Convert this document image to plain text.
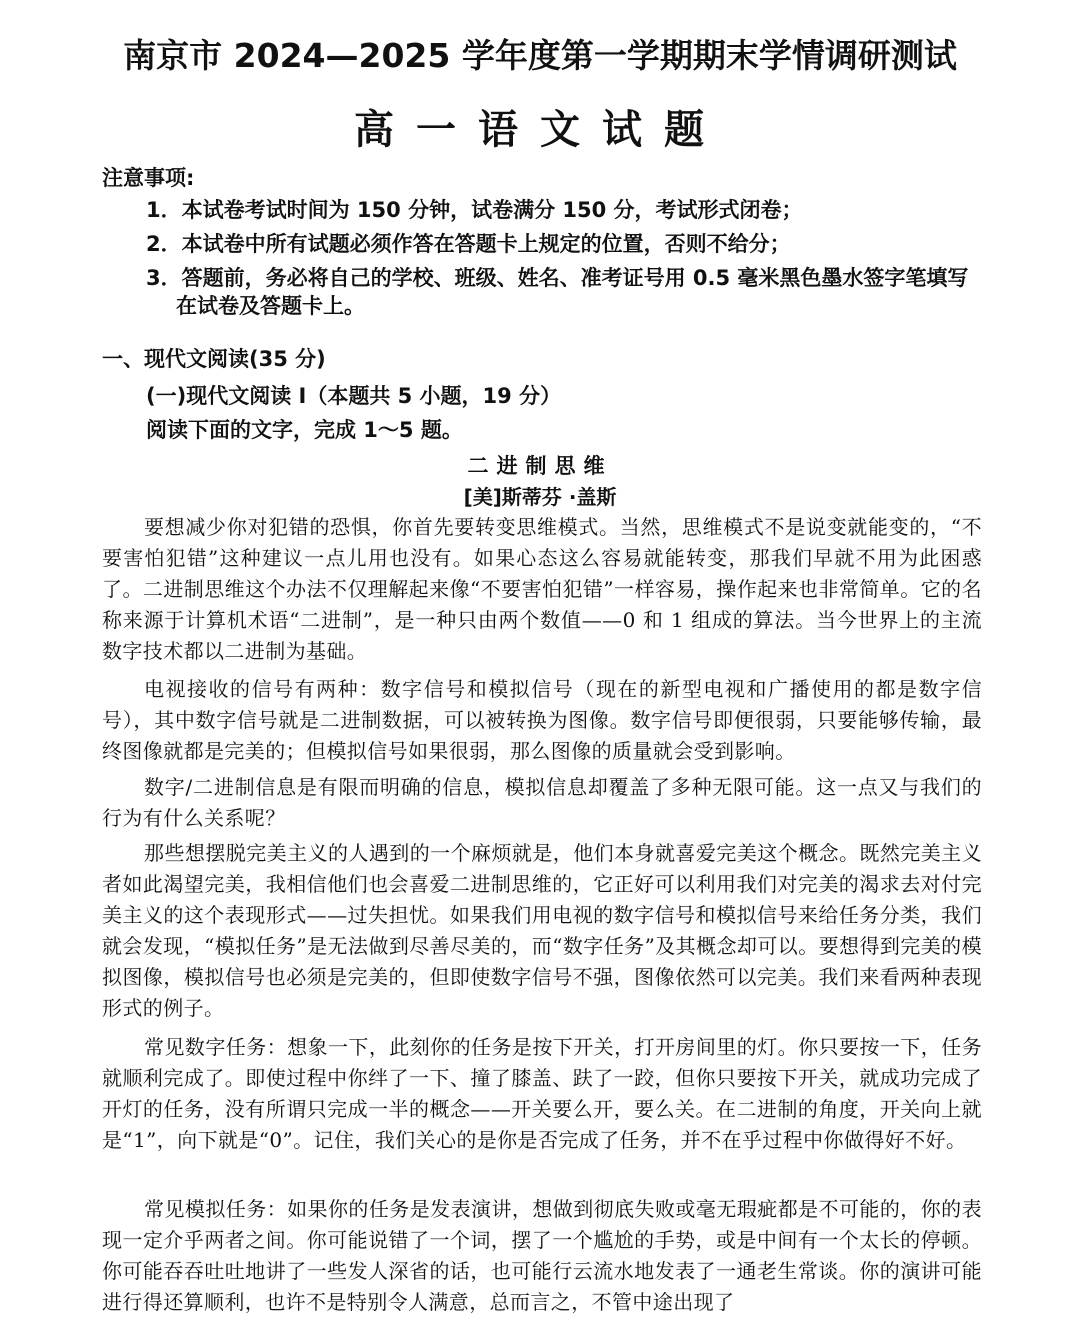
南京市 2024—2025 学年度第一学期期末学情调研测试
高一语文试题
注意事项:
1．本试卷考试时间为 150 分钟，试卷满分 150 分，考试形式闭卷；
2．本试卷中所有试题必须作答在答题卡上规定的位置，否则不给分；
3．答题前，务必将自己的学校、班级、姓名、准考证号用 0.5 毫米黑色墨水签字笔填写
在试卷及答题卡上。
一、现代文阅读(35 分)
(一)现代文阅读 Ⅰ（本题共 5 小题，19 分）
阅读下面的文字，完成 1～5 题。
二进制思维
[美]斯蒂芬 ·盖斯
要想减少你对犯错的恐惧，你首先要转变思维模式。当然，思维模式不是说变就能变的，“不要害怕犯错”这种建议一点儿用也没有。如果心态这么容易就能转变，那我们早就不用为此困惑了。二进制思维这个办法不仅理解起来像“不要害怕犯错”一样容易，操作起来也非常简单。它的名称来源于计算机术语“二进制”，是一种只由两个数值——0 和 1 组成的算法。当今世界上的主流数字技术都以二进制为基础。
电视接收的信号有两种：数字信号和模拟信号（现在的新型电视和广播使用的都是数字信号），其中数字信号就是二进制数据，可以被转换为图像。数字信号即便很弱，只要能够传输，最终图像就都是完美的；但模拟信号如果很弱，那么图像的质量就会受到影响。
数字/二进制信息是有限而明确的信息，模拟信息却覆盖了多种无限可能。这一点又与我们的行为有什么关系呢？
那些想摆脱完美主义的人遇到的一个麻烦就是，他们本身就喜爱完美这个概念。既然完美主义者如此渴望完美，我相信他们也会喜爱二进制思维的，它正好可以利用我们对完美的渴求去对付完美主义的这个表现形式——过失担忧。如果我们用电视的数字信号和模拟信号来给任务分类，我们就会发现，“模拟任务”是无法做到尽善尽美的，而“数字任务”及其概念却可以。要想得到完美的模拟图像，模拟信号也必须是完美的，但即使数字信号不强，图像依然可以完美。我们来看两种表现形式的例子。
常见数字任务：想象一下，此刻你的任务是按下开关，打开房间里的灯。你只要按一下，任务就顺利完成了。即使过程中你绊了一下、撞了膝盖、趺了一跤，但你只要按下开关，就成功完成了开灯的任务，没有所谓只完成一半的概念——开关要么开，要么关。在二进制的角度，开关向上就是“1”，向下就是“0”。记住，我们关心的是你是否完成了任务，并不在乎过程中你做得好不好。
常见模拟任务：如果你的任务是发表演讲，想做到彻底失败或毫无瑕疵都是不可能的，你的表现一定介乎两者之间。你可能说错了一个词，摆了一个尴尬的手势，或是中间有一个太长的停顿。你可能吞吞吐吐地讲了一些发人深省的话，也可能行云流水地发表了一通老生常谈。你的演讲可能进行得还算顺利，也许不是特别令人满意，总而言之，不管中途出现了
